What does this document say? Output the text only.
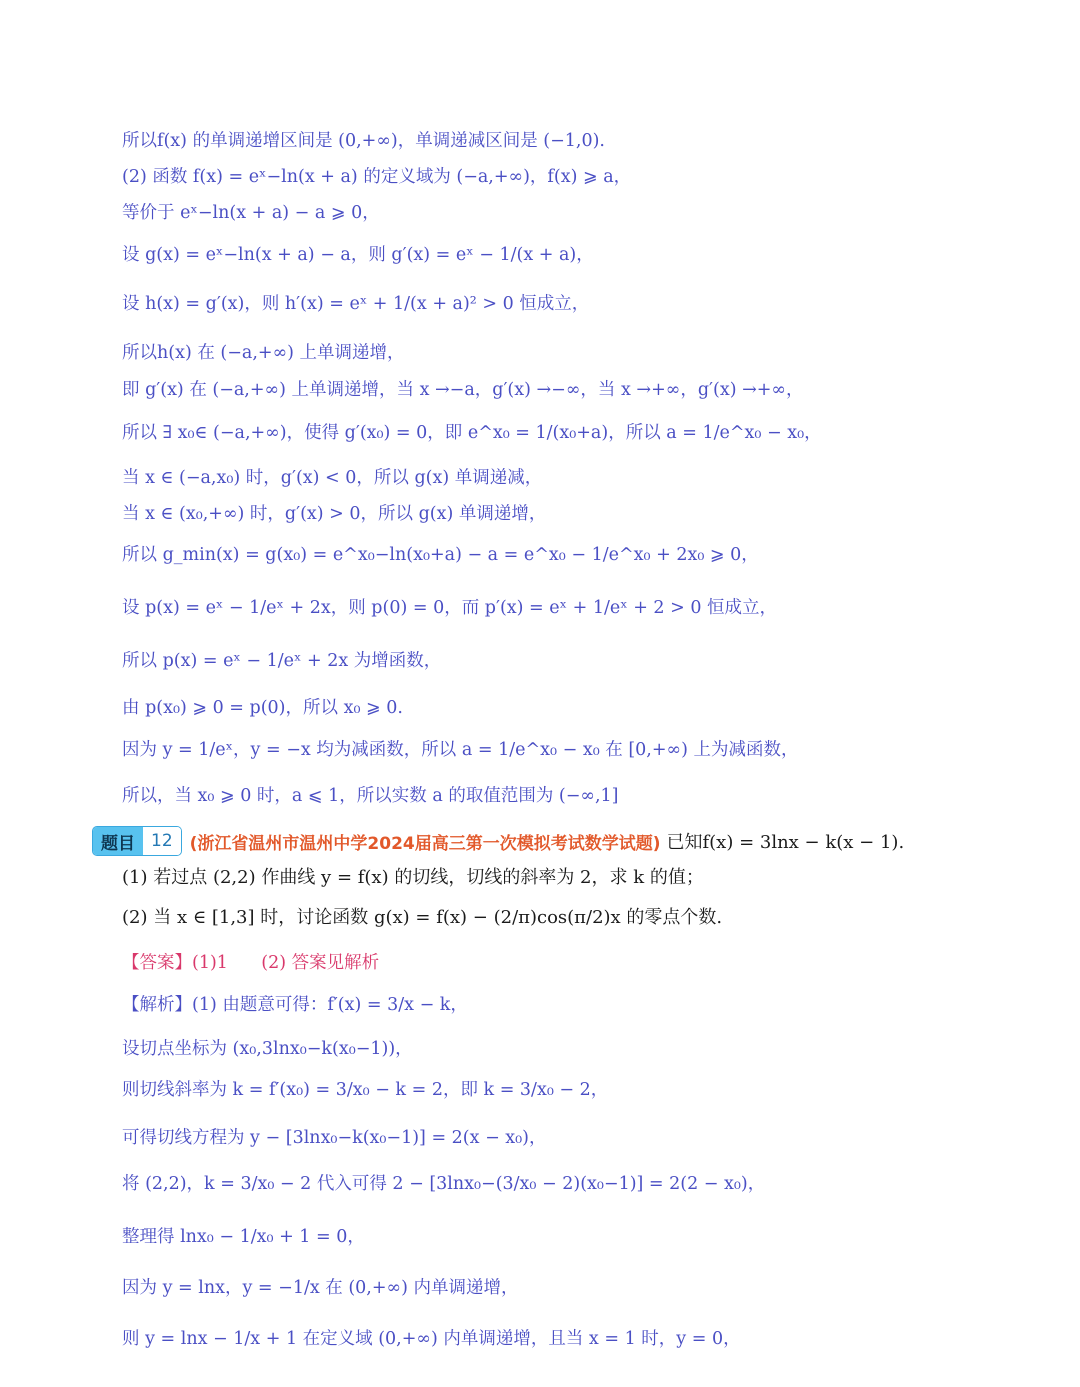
所以f(x) 的单调递增区间是 (0,+∞)，单调递减区间是 (−1,0).
(2) 函数 f(x) = eˣ−ln(x + a) 的定义域为 (−a,+∞)，f(x) ⩾ a，
等价于 eˣ−ln(x + a) − a ⩾ 0，
设 g(x) = eˣ−ln(x + a) − a，则 g′(x) = eˣ − 1/(x + a)，
设 h(x) = g′(x)，则 h′(x) = eˣ + 1/(x + a)² > 0 恒成立，
所以h(x) 在 (−a,+∞) 上单调递增，
即 g′(x) 在 (−a,+∞) 上单调递增，当 x →−a，g′(x) →−∞，当 x →+∞，g′(x) →+∞，
所以 ∃ x₀∈ (−a,+∞)，使得 g′(x₀) = 0，即 e^x₀ = 1/(x₀+a)，所以 a = 1/e^x₀ − x₀，
当 x ∈ (−a,x₀) 时，g′(x) < 0，所以 g(x) 单调递减，
当 x ∈ (x₀,+∞) 时，g′(x) > 0，所以 g(x) 单调递增，
所以 g_min(x) = g(x₀) = e^x₀−ln(x₀+a) − a = e^x₀ − 1/e^x₀ + 2x₀ ⩾ 0，
设 p(x) = eˣ − 1/eˣ + 2x，则 p(0) = 0，而 p′(x) = eˣ + 1/eˣ + 2 > 0 恒成立，
所以 p(x) = eˣ − 1/eˣ + 2x 为增函数，
由 p(x₀) ⩾ 0 = p(0)，所以 x₀ ⩾ 0.
因为 y = 1/eˣ，y = −x 均为减函数，所以 a = 1/e^x₀ − x₀ 在 [0,+∞) 上为减函数，
所以，当 x₀ ⩾ 0 时，a ⩽ 1，所以实数 a 的取值范围为 (−∞,1]
题目 12	(浙江省温州市温州中学2024届高三第一次模拟考试数学试题) 已知f(x) = 3lnx − k(x − 1).
(1) 若过点 (2,2) 作曲线 y = f(x) 的切线，切线的斜率为 2，求 k 的值；
(2) 当 x ∈ [1,3] 时，讨论函数 g(x) = f(x) − (2/π)cos(π/2)x 的零点个数.
【答案】(1)1      (2) 答案见解析
【解析】(1) 由题意可得：f′(x) = 3/x − k，
设切点坐标为 (x₀,3lnx₀−k(x₀−1))，
则切线斜率为 k = f′(x₀) = 3/x₀ − k = 2，即 k = 3/x₀ − 2，
可得切线方程为 y − [3lnx₀−k(x₀−1)] = 2(x − x₀)，
将 (2,2)，k = 3/x₀ − 2 代入可得 2 − [3lnx₀−(3/x₀ − 2)(x₀−1)] = 2(2 − x₀)，
整理得 lnx₀ − 1/x₀ + 1 = 0，
因为 y = lnx，y = −1/x 在 (0,+∞) 内单调递增，
则 y = lnx − 1/x + 1 在定义域 (0,+∞) 内单调递增，且当 x = 1 时，y = 0，
